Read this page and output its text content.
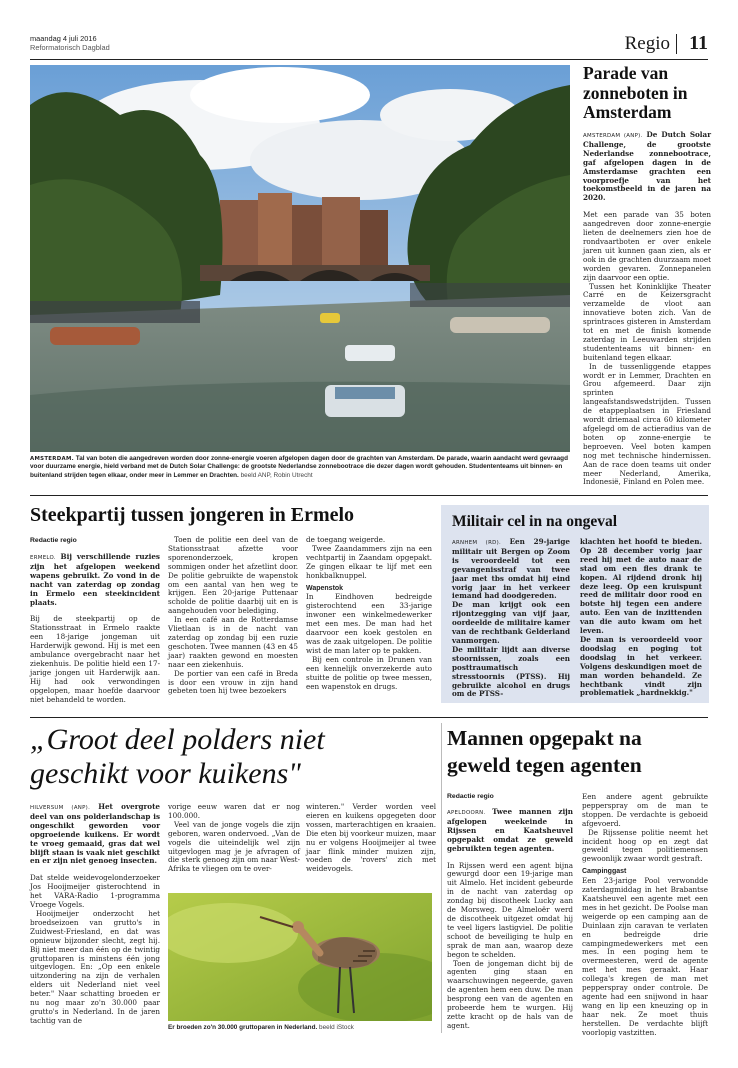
maandag 4 juli 2016
Reformatorisch Dagblad	Regio 11
AMSTERDAM. Tal van boten die aangedreven worden door zonne-energie voeren afgelopen dagen door de grachten van Amsterdam. De parade, waarin aandacht werd gevraagd voor duurzame energie, hield verband met de Dutch Solar Challenge: de grootste Nederlandse zonnebootrace die dezer dagen wordt gehouden. Studententeams uit binnen- en buitenland strijden tegen elkaar, onder meer in Lemmer en Drachten. beeld ANP, Robin Utrecht
Parade van zonneboten in Amsterdam
AMSTERDAM (ANP). De Dutch Solar Challenge, de grootste Nederlandse zonnebootrace, gaf afgelopen dagen in de Amsterdamse grachten een voorproefje van het toekomstbeeld in de jaren na 2020.
Met een parade van 35 boten aangedreven door zonne-energie lieten de deelnemers zien hoe de rondvaartboten er over enkele jaren uit kunnen gaan zien, als er ook in de grachten duurzaam moet worden gevaren. Zonnepanelen zijn daarvoor een optie.
Tussen het Koninklijke Theater Carré en de Keizersgracht verzamelde de vloot aan innovatieve boten zich. Van de sprintraces gisteren in Amsterdam tot en met de finish komende zaterdag in Leeuwarden strijden studententeams uit binnen- en buitenland tegen elkaar.
In de tussenliggende etappes wordt er in Lemmer, Drachten en Grou afgemeerd. Daar zijn sprinten langeafstandswedstrijden. Tussen de etappeplaatsen in Friesland wordt driemaal circa 60 kilometer afgelegd om de actieradius van de boten op zonne-energie te beproeven. Veel boten kampen nog met technische hindernissen. Aan de race doen teams uit onder meer Nederland, Amerika, Indonesië, Finland en Polen mee.
Steekpartij tussen jongeren in Ermelo
Redactie regio
ERMELO. Bij verschillende ruzies zijn het afgelopen weekend wapens gebruikt. Zo vond in de nacht van zaterdag op zondag in Ermelo een steekincident plaats.
Bij de steekpartij op de Stationsstraat in Ermelo raakte een 18-jarige jongeman uit Harderwijk gewond. Hij is met een ambulance overgebracht naar het ziekenhuis. De politie hield een 17-jarige jongen uit Harderwijk aan. Hij had ook verwondingen opgelopen, maar hoefde daarvoor niet behandeld te worden.
Toen de politie een deel van de Stationsstraat afzette voor sporenonderzoek, kropen sommigen onder het afzetlint door. De politie gebruikte de wapenstok om een aantal van hen weg te krijgen. Een 20-jarige Puttenaar scholde de politie daarbij uit en is aangehouden voor belediging.
In een café aan de Rotterdamse Vlietlaan is in de nacht van zaterdag op zondag bij een ruzie geschoten. Twee mannen (43 en 45 jaar) raakten gewond en moesten naar een ziekenhuis.
De portier van een café in Breda is door een vrouw in zijn hand gebeten toen hij twee bezoekers
de toegang weigerde.
Twee Zaandammers zijn na een vechtpartij in Zaandam opgepakt. Ze gingen elkaar te lijf met een honkbalknuppel.
Wapenstok
In Eindhoven bedreigde gisterochtend een 33-jarige inwoner een winkelmedewerker met een mes. De man had het daarvoor een koek gestolen en was de zaak uitgelopen. De politie wist de man later op te pakken.
Bij een controle in Drunen van een kennelijk onverzekerde auto stuitte de politie op twee messen, een wapenstok en drugs.
Militair cel in na ongeval
ARNHEM (RD). Een 29-jarige militair uit Bergen op Zoom is veroordeeld tot een gevangenisstraf van twee jaar met tbs omdat hij eind vorig jaar in het verkeer iemand had doodgereden.
De man krijgt ook een rijontzegging van vijf jaar, oordeelde de militaire kamer van de rechtbank Gelderland vanmorgen.
De militair lijdt aan diverse stoornissen, zoals een posttraumatisch stresstoornis (PTSS). Hij gebruikte alcohol en drugs om de PTSS-
klachten het hoofd te bieden. Op 28 december vorig jaar reed hij met de auto naar de stad om een fles drank te kopen. Al rijdend dronk hij deze leeg. Op een kruispunt reed de militair door rood en botste hij tegen een andere auto. Een van de inzittenden van die auto kwam om het leven.
De man is veroordeeld voor doodslag en poging tot doodslag in het verkeer. Volgens deskundigen moet de man worden behandeld. Ze hechtbank vindt zijn problematiek „hardnekkig."
„Groot deel polders niet
geschikt voor kuikens"
HILVERSUM (ANP). Het overgrote deel van ons polderlandschap is ongeschikt geworden voor opgroeiende kuikens. Er wordt te vroeg gemaaid, gras dat wel blijft staan is vaak niet geschikt en er zijn niet genoeg insecten.
Dat stelde weidevogelonderzoeker Jos Hooijmeijer gisterochtend in het VARA-Radio 1-programma Vroege Vogels.
Hooijmeijer onderzocht het broedseizoen van grutto's in Zuidwest-Friesland, en dat was opnieuw bijzonder slecht, zegt hij. Bij niet meer dan één op de twintig gruttoparen is minstens één jong uitgevlogen. En: „Op een enkele uitzondering na zijn de verhalen elders uit Nederland niet veel beter." Naar schatting broeden er nu nog maar zo'n 30.000 paar grutto's in Nederland. In de jaren tachtig van de
vorige eeuw waren dat er nog 100.000.
Veel van de jonge vogels die zijn geboren, waren ondervoed. „Van de vogels die uiteindelijk wel zijn uitgevlogen mag je je afvragen of die sterk genoeg zijn om naar West-Afrika te vliegen om te over-
winteren." Verder worden veel eieren en kuikens opgegeten door vossen, marterachtigen en kraaien. Die eten bij voorkeur muizen, maar nu er volgens Hooijmeijer al twee jaar flink minder muizen zijn, voeden de 'rovers' zich met weidevogels.
Er broeden zo'n 30.000 gruttoparen in Nederland. beeld iStock
Mannen opgepakt na
geweld tegen agenten
Redactie regio
APELDOORN. Twee mannen zijn afgelopen weekeinde in Rijssen en Kaatsheuvel opgepakt omdat ze geweld gebruikten tegen agenten.
In Rijssen werd een agent bijna gewurgd door een 19-jarige man uit Almelo. Het incident gebeurde in de nacht van zaterdag op zondag bij discotheek Lucky aan de Morsweg. De Almeloër werd de discotheek uitgezet omdat hij te veel ligers lastigviel. De politie schoot de beveiliging te hulp en sprak de man aan, waarop deze begon te schelden.
Toen de jongeman dicht bij de agenten ging staan en waarschuwingen negeerde, gaven de agenten hem een duw. De man besprong een van de agenten en probeerde hem te wurgen. Hij zette kracht op de hals van de agent.
Een andere agent gebruikte pepperspray om de man te stoppen. De verdachte is geboeid afgevoerd.
De Rijssense politie neemt het incident hoog op en zegt dat geweld tegen politiemensen gewoonlijk zwaar wordt gestraft.
Campinggast
Een 23-jarige Pool verwondde zaterdagmiddag in het Brabantse Kaatsheuvel een agente met een mes in het gezicht. De Poolse man weigerde op een camping aan de Duinlaan zijn caravan te verlaten en bedreigde drie campingmedewerkers met een mes. In een poging hem te overmeesteren, werd de agente met het mes geraakt. Haar collega's kregen de man met pepperspray onder controle. De agente had een snijwond in haar wang en lip een kneuzing op in haar nek. Ze moet thuis herstellen. De verdachte blijft voorlopig vastzitten.
